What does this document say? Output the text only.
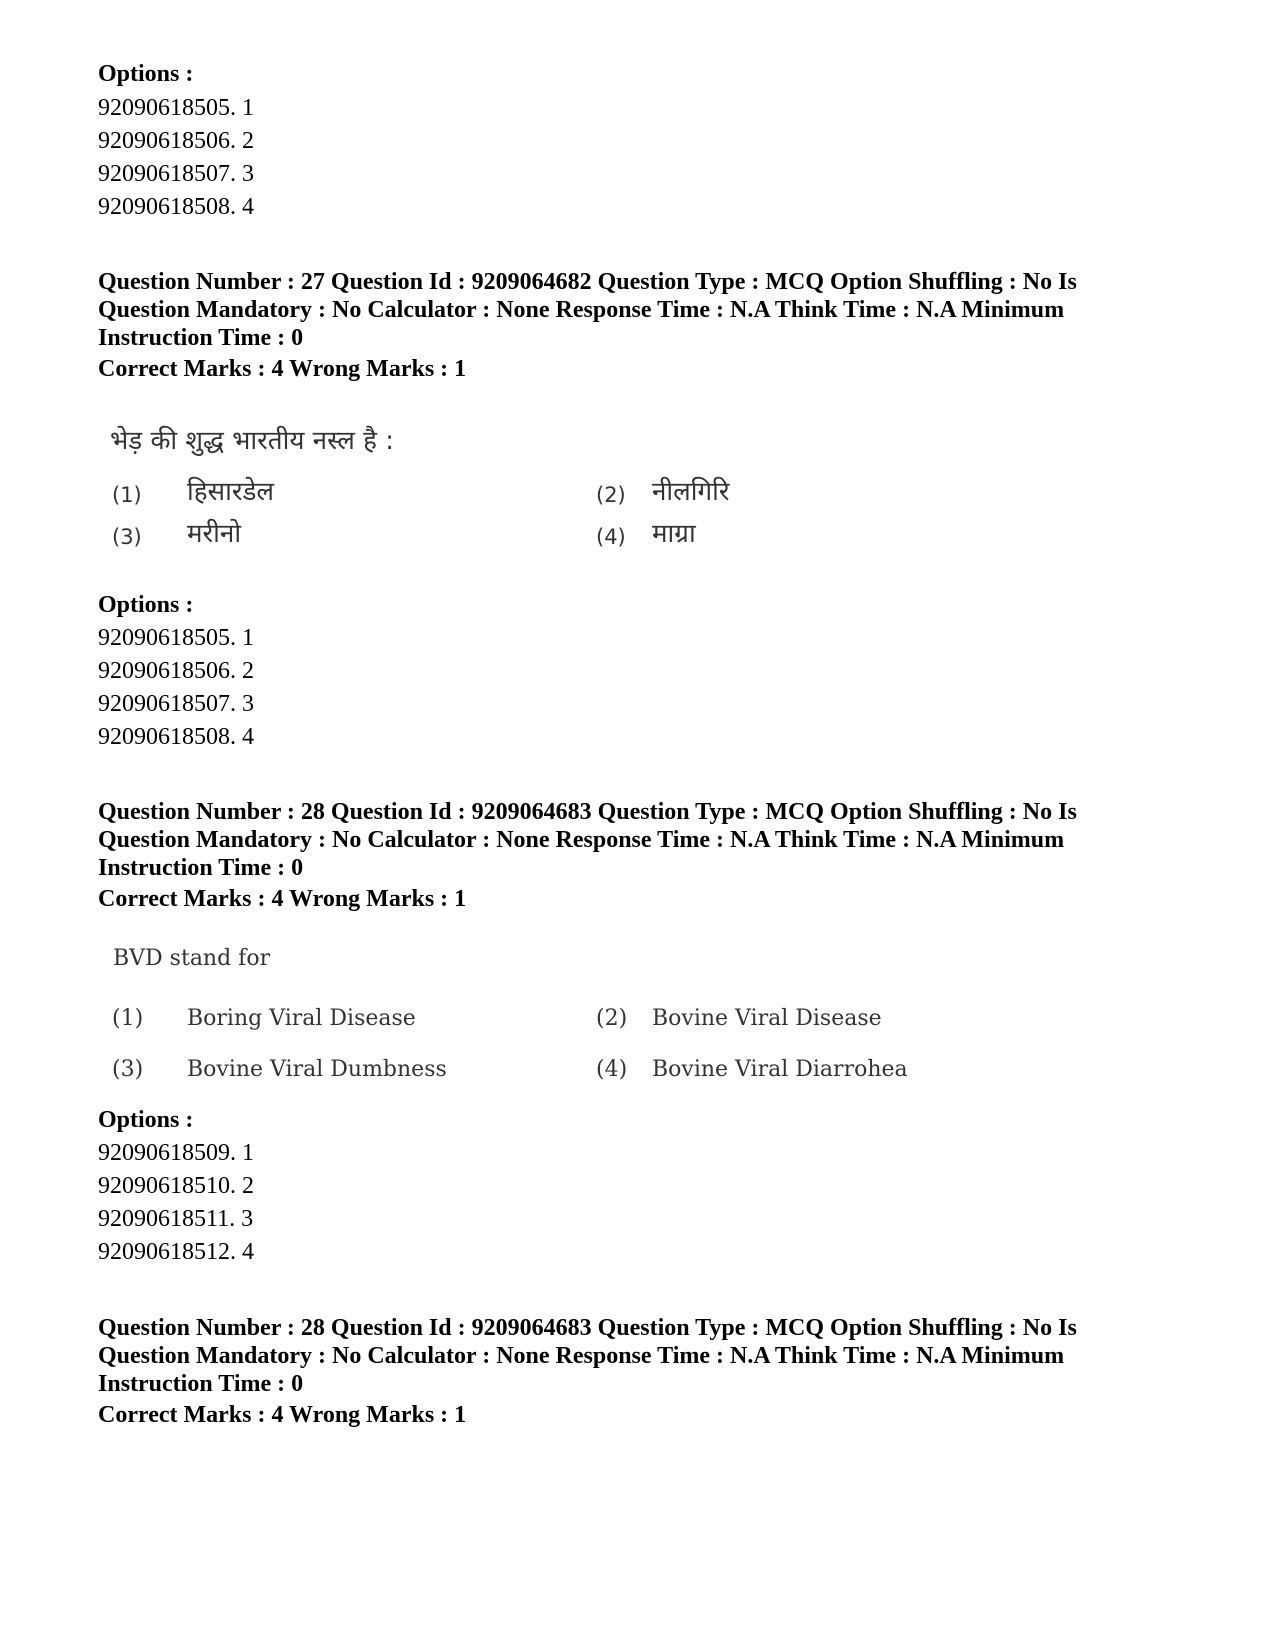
Options :
92090618505. 1
92090618506. 2
92090618507. 3
92090618508. 4
Question Number : 27 Question Id : 9209064682 Question Type : MCQ Option Shuffling : No Is
Question Mandatory : No Calculator : None Response Time : N.A Think Time : N.A Minimum
Instruction Time : 0
Correct Marks : 4 Wrong Marks : 1
भेड़ की शुद्ध भारतीय नस्ल है :
(1) हिसारडेल	(2) नीलगिरि
(3) मरीनो	(4) माग्रा
Options :
92090618505. 1
92090618506. 2
92090618507. 3
92090618508. 4
Question Number : 28 Question Id : 9209064683 Question Type : MCQ Option Shuffling : No Is
Question Mandatory : No Calculator : None Response Time : N.A Think Time : N.A Minimum
Instruction Time : 0
Correct Marks : 4 Wrong Marks : 1
BVD stand for
(1) Boring Viral Disease	(2) Bovine Viral Disease
(3) Bovine Viral Dumbness	(4) Bovine Viral Diarrohea
Options :
92090618509. 1
92090618510. 2
92090618511. 3
92090618512. 4
Question Number : 28 Question Id : 9209064683 Question Type : MCQ Option Shuffling : No Is
Question Mandatory : No Calculator : None Response Time : N.A Think Time : N.A Minimum
Instruction Time : 0
Correct Marks : 4 Wrong Marks : 1
